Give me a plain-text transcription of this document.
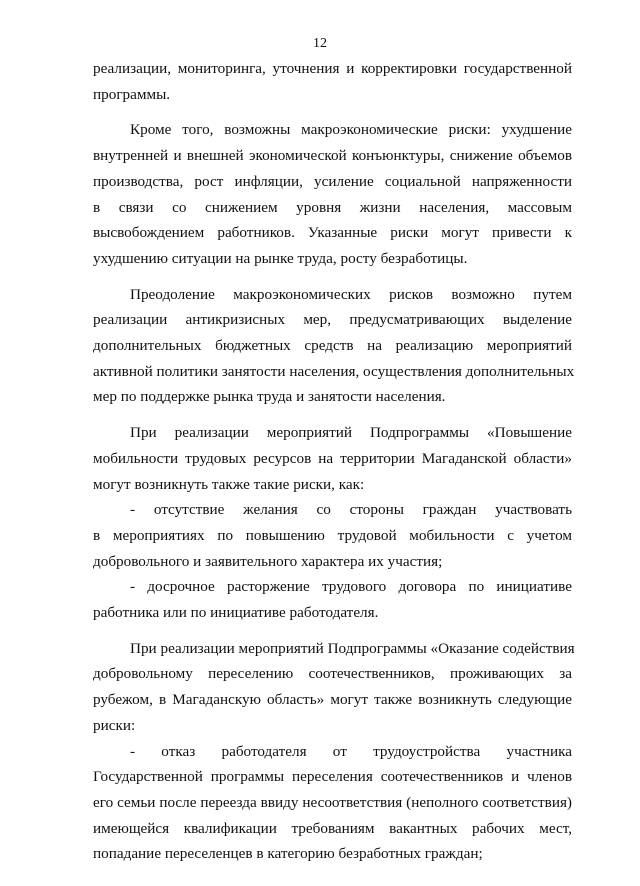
12
реализации, мониторинга, уточнения и корректировки государственной
программы.
Кроме того, возможны макроэкономические риски: ухудшение
внутренней и внешней экономической конъюнктуры, снижение объемов
производства, рост инфляции, усиление социальной напряженности
в связи со снижением уровня жизни населения, массовым
высвобождением работников. Указанные риски могут привести к
ухудшению ситуации на рынке труда, росту безработицы.
Преодоление макроэкономических рисков возможно путем
реализации антикризисных мер, предусматривающих выделение
дополнительных бюджетных средств на реализацию мероприятий
активной политики занятости населения, осуществления дополнительных
мер по поддержке рынка труда и занятости населения.
При реализации мероприятий Подпрограммы «Повышение
мобильности трудовых ресурсов на территории Магаданской области»
могут возникнуть также такие риски, как:
- отсутствие желания со стороны граждан участвовать
в мероприятиях по повышению трудовой мобильности с учетом
добровольного и заявительного характера их участия;
- досрочное расторжение трудового договора по инициативе
работника или по инициативе работодателя.
При реализации мероприятий Подпрограммы «Оказание содействия
добровольному переселению соотечественников, проживающих за
рубежом, в Магаданскую область» могут также возникнуть следующие
риски:
- отказ работодателя от трудоустройства участника
Государственной программы переселения соотечественников и членов
его семьи после переезда ввиду несоответствия (неполного соответствия)
имеющейся квалификации требованиям вакантных рабочих мест,
попадание переселенцев в категорию безработных граждан;
